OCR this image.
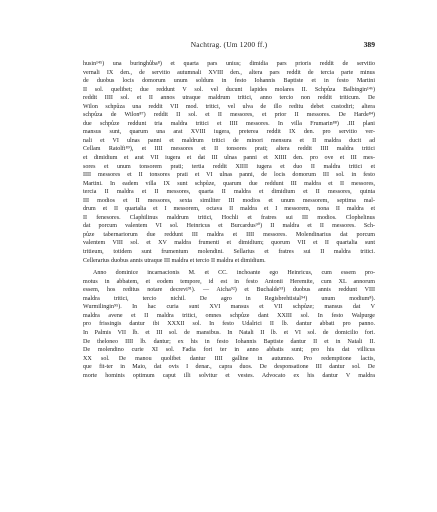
Nachtrag. (Um 1200 ff.)	389
husin¹⁴⁵) una buringhůba⁸) et quarta pars unius; dimidia pars prioris reddit de servitio
vernali IX den., de servitio autumnali XVIII den., altera pars reddit de tercia parte minus
de duobus locis domorum unum soldum in festo Iohannis Baptiste et in festo Martini
II sol. quelibet; due reddunt V sol. vel ducunt lapides molares II. Schpůza Balbingin¹⁴⁶)
reddit IIII sol. et II annos utraque maldrum tritici, anno tercio non reddit triticum. De
Wilon schpůza una reddit VII mod. tritici, vel ulva de illo reditu debet custodiri; altera
schpůza de Wilon⁸⁷) reddit II sol. et II messores, et prior II messores. De Harde⁸⁴)
due schpůze reddunt tria maldra tritici et IIII messores. In villa Frumarin⁸⁸) .III plani
mansus sunt, quarum una arat XVIII iugera, preterea reddit IX den. pro servitio ver-
nali et VI ulnas panni et maldrum tritici de minori mensura et II maldra ducit ad
Cellam Ratolfi⁸⁹), et IIII messores et II tonsores prati; altera reddit IIII maldra tritici
et dimidium et arat VII iugera et dat III ulnas panni et XIIII den. pro ove et III mes-
sores et unum tonsorem prati; tertia reddit XIIII iugera et duo II maldra tritici et
IIII messores et II tonsores prati et VI ulnas panni, de locis domorum III sol. in festo
Martini. In eadem villa IX sunt schpůze, quarum due reddunt III maldra et II messores,
tercia II maldra et II messores, quarta II maldra et dimidium et II messores, quinta
III modios et II messores, sexta similiter III modios et unum messorem, septima mal-
drum et II quartalia et I messorem, octava II maldra et I messorem, nona II maldra et
II fenesores. Claphilinus maldrum tritici, Hochli et fratres sui III modios. Clophelinus
dat porcum valentem VI sol. Heinricus et Burcardus⁹⁰) II maldra et II messores. Sch-
půze tabernariorum due reddunt III maldra et IIII messores. Molendinarius dat porcum
valentem VIII sol. et XV maldra frumenti et dimidium; quorum VII et II quartalia sunt
tritieum, totidem sunt frumentum molendini. Sellarius et fratres sui II maldra tritici.
Cellerarius duobus annis utraque III maldra et tercio II maldra et dimidium.
Anno dominice incarnacionis M. et CC. inchoante ego Heinricus, cum essem pro-
motus in abbatem, et eodem tempore, id est in festo Antonii Heremite, cum XL annorum
essem, hos reditus notare decrevi⁹¹). — Aicha⁹²) et Buchalde⁹³) duobus annis reddunt VIII
maldra tritici, tercio nichil. De agro in Regisbrehtistal⁹⁴) unum modium⁸).
Wurmilingin⁹⁵). In hac curia sunt XVI mansus et VII schpůze; mansus dat V
maldra avene et II maldra tritici, omnes schpůze dant XXIII sol. In festo Walpurge
pro frissingis dantur ibi XXXII sol. In festo Udalrici II lb. dantur abbati pro panno.
In Palmis VII lb. et III sol. de mansibus. In Natali II lb. et VI sol. de domicilio fori.
De theloneo IIII lb. dantur; ex his in festo Iohannis Baptiste dantur II et in Natali II.
De molendino curie XI sol. Fadia fori ter in anno abbatis sunt; pro his dat villicus
XX sol. De manou quolibet dantur IIII galline in autumno. Pro redemptione lactis,
que fit-ter in Maio, dat ovis I denar., capra duos. De desponsatione III dantur sol. De
morte hominis optimum caput illi solvitur et vestes. Advocato ex his dantur V maldra
